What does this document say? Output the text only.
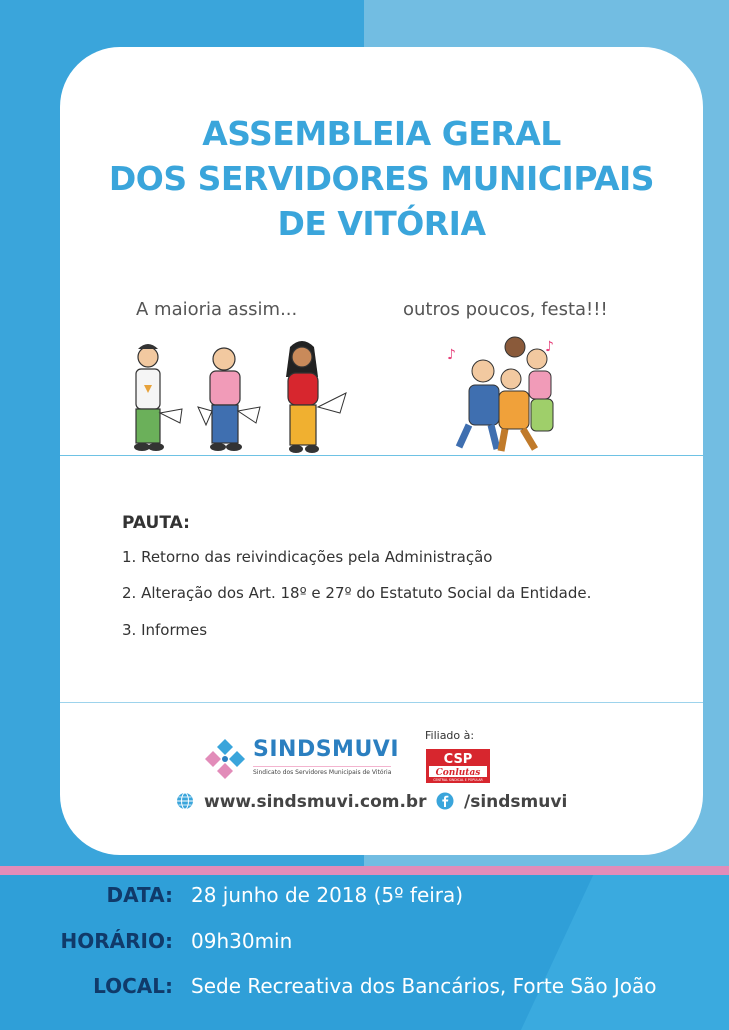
ASSEMBLEIA GERAL
DOS SERVIDORES MUNICIPAIS
DE VITÓRIA
A maioria assim...	outros poucos, festa!!!
♪	♪
PAUTA:
1. Retorno das reivindicações pela Administração
2. Alteração dos Art. 18º e 27º do Estatuto Social da Entidade.
3. Informes
SINDSMUVI
Sindicato dos Servidores Municipais de Vitória
Filiado à:
CSP
Conlutas
CENTRAL SINDICAL E POPULAR
www.sindsmuvi.com.br	/sindsmuvi
DATA: 28 junho de 2018 (5º feira)
HORÁRIO: 09h30min
LOCAL: Sede Recreativa dos Bancários, Forte São João
